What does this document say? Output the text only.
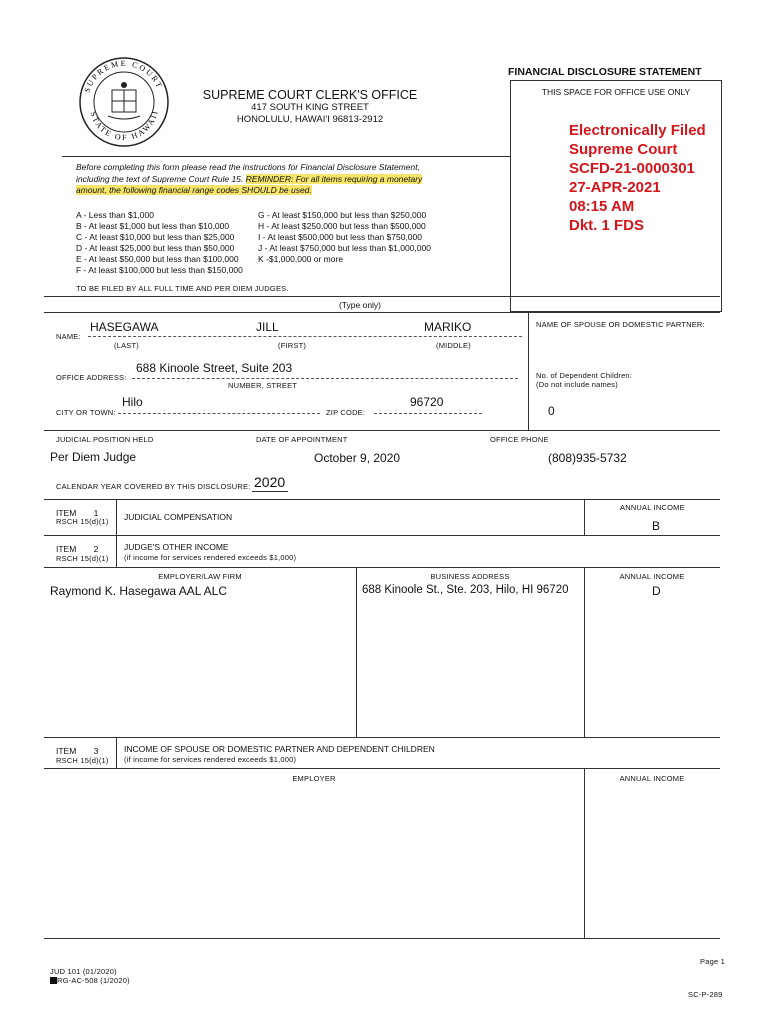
FINANCIAL DISCLOSURE STATEMENT
SUPREME COURT
STATE OF HAWAII
SUPREME COURT CLERK'S OFFICE
417 SOUTH KING STREET
HONOLULU, HAWAI'I 96813-2912
THIS SPACE FOR OFFICE USE ONLY
Electronically Filed
Supreme Court
SCFD-21-0000301
27-APR-2021
08:15 AM
Dkt. 1 FDS
Before completing this form please read the instructions for Financial Disclosure Statement,
including the text of Supreme Court Rule 15. REMINDER: For all items requiring a monetary
amount, the following financial range codes SHOULD be used.
A - Less than $1,000
B - At least $1,000 but less than $10,000
C - At least $10,000 but less than $25,000
D - At least $25,000 but less than $50,000
E - At least $50,000 but less than $100,000
F - At least $100,000 but less than $150,000
G - At least $150,000 but less than $250,000
H - At least $250,000 but less than $500,000
I - At least $500,000 but less than $750,000
J - At least $750,000 but less than $1,000,000
K -$1,000,000 or more
TO BE FILED BY ALL FULL TIME AND PER DIEM JUDGES.
(Type only)
NAME:
HASEGAWA	JILL	MARIKO
(LAST)	(FIRST)	(MIDDLE)
NAME OF SPOUSE OR DOMESTIC PARTNER:
OFFICE ADDRESS:
688 Kinoole Street, Suite 203
NUMBER, STREET
No. of Dependent Children:
(Do not include names)
0
CITY OR TOWN:
Hilo
ZIP CODE:
96720
JUDICIAL POSITION HELD	DATE OF APPOINTMENT	OFFICE PHONE
Per Diem Judge	October 9, 2020	(808)935-5732
CALENDAR YEAR COVERED BY THIS DISCLOSURE: 2020
ITEM 1
RSCH 15(d)(1) JUDICIAL COMPENSATION
ANNUAL INCOME
B
ITEM 2
RSCH 15(d)(1)
JUDGE'S OTHER INCOME
(if income for services rendered exceeds $1,000)
EMPLOYER/LAW FIRM	BUSINESS ADDRESS	ANNUAL INCOME
Raymond K. Hasegawa AAL ALC	688 Kinoole St., Ste. 203, Hilo, HI 96720	D
ITEM 3
RSCH 15(d)(1)
INCOME OF SPOUSE OR DOMESTIC PARTNER AND DEPENDENT CHILDREN
(if income for services rendered exceeds $1,000)
EMPLOYER	ANNUAL INCOME
Page 1
JUD 101 (01/2020)
RG-AC-508 (1/2020)
SC-P-289
